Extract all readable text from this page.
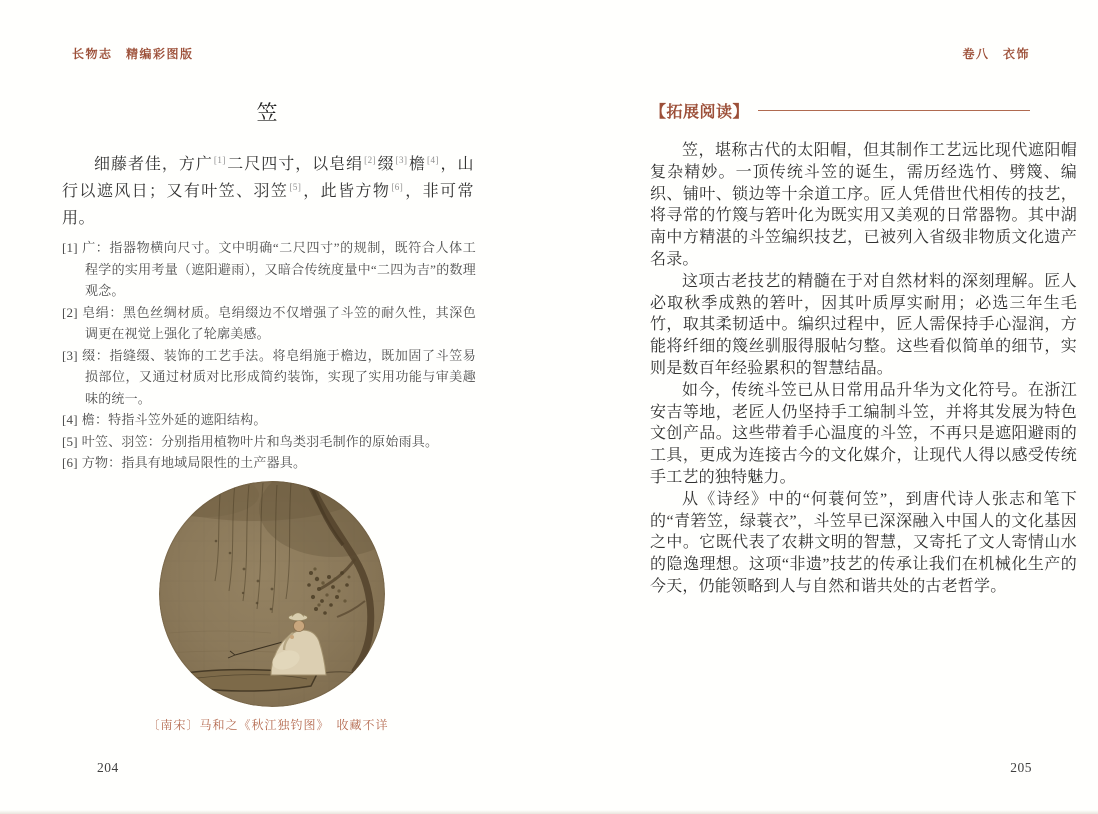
长物志　精编彩图版	卷八　衣饰
笠
细藤者佳，方广[1]二尺四寸，以皂绢[2]缀[3]檐[4]，山行以遮风日；又有叶笠、羽笠[5]，此皆方物[6]，非可常用。
[1] 广：指器物横向尺寸。文中明确“二尺四寸”的规制，既符合人体工程学的实用考量（遮阳避雨），又暗合传统度量中“二四为吉”的数理观念。
[2] 皂绢：黑色丝绸材质。皂绢缀边不仅增强了斗笠的耐久性，其深色调更在视觉上强化了轮廓美感。
[3] 缀：指缝缀、装饰的工艺手法。将皂绢施于檐边，既加固了斗笠易损部位，又通过材质对比形成简约装饰，实现了实用功能与审美趣味的统一。
[4] 檐：特指斗笠外延的遮阳结构。
[5] 叶笠、羽笠：分别指用植物叶片和鸟类羽毛制作的原始雨具。
[6] 方物：指具有地域局限性的土产器具。
〔南宋〕马和之《秋江独钓图》　收藏不详
204
【拓展阅读】

笠，堪称古代的太阳帽，但其制作工艺远比现代遮阳帽复杂精妙。一顶传统斗笠的诞生，需历经选竹、劈篾、编织、铺叶、锁边等十余道工序。匠人凭借世代相传的技艺，将寻常的竹篾与箬叶化为既实用又美观的日常器物。其中湖南中方精湛的斗笠编织技艺，已被列入省级非物质文化遗产名录。

这项古老技艺的精髓在于对自然材料的深刻理解。匠人必取秋季成熟的箬叶，因其叶质厚实耐用；必选三年生毛竹，取其柔韧适中。编织过程中，匠人需保持手心湿润，方能将纤细的篾丝驯服得服帖匀整。这些看似简单的细节，实则是数百年经验累积的智慧结晶。

如今，传统斗笠已从日常用品升华为文化符号。在浙江安吉等地，老匠人仍坚持手工编制斗笠，并将其发展为特色文创产品。这些带着手心温度的斗笠，不再只是遮阳避雨的工具，更成为连接古今的文化媒介，让现代人得以感受传统手工艺的独特魅力。

从《诗经》中的“何蓑何笠”，到唐代诗人张志和笔下的“青箬笠，绿蓑衣”，斗笠早已深深融入中国人的文化基因之中。它既代表了农耕文明的智慧，又寄托了文人寄情山水的隐逸理想。这项“非遗”技艺的传承让我们在机械化生产的今天，仍能领略到人与自然和谐共处的古老哲学。

205
